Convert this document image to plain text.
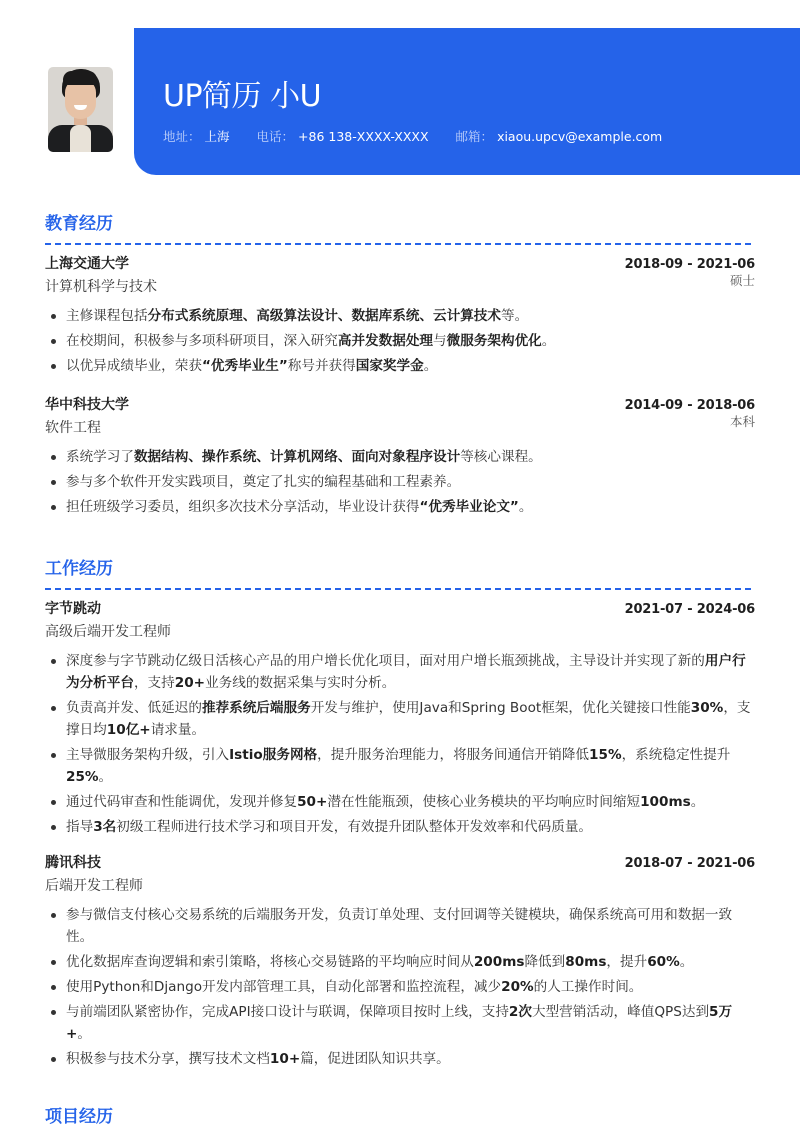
UP简历 小U
地址： 上海 电话： +86 138-XXXX-XXXX 邮箱： xiaou.upcv@example.com
教育经历
上海交通大学	2018-09 - 2021-06
计算机科学与技术	硕士
主修课程包括分布式系统原理、高级算法设计、数据库系统、云计算技术等。
在校期间，积极参与多项科研项目，深入研究高并发数据处理与微服务架构优化。
以优异成绩毕业，荣获“优秀毕业生”称号并获得国家奖学金。
华中科技大学	2014-09 - 2018-06
软件工程	本科
系统学习了数据结构、操作系统、计算机网络、面向对象程序设计等核心课程。
参与多个软件开发实践项目，奠定了扎实的编程基础和工程素养。
担任班级学习委员，组织多次技术分享活动，毕业设计获得“优秀毕业论文”。
工作经历
字节跳动	2021-07 - 2024-06
高级后端开发工程师
深度参与字节跳动亿级日活核心产品的用户增长优化项目，面对用户增长瓶颈挑战，主导设计并实现了新的用户行为分析平台，支持20+业务线的数据采集与实时分析。
负责高并发、低延迟的推荐系统后端服务开发与维护，使用Java和Spring Boot框架，优化关键接口性能30%，支撑日均10亿+请求量。
主导微服务架构升级，引入Istio服务网格，提升服务治理能力，将服务间通信开销降低15%，系统稳定性提升25%。
通过代码审查和性能调优，发现并修复50+潜在性能瓶颈，使核心业务模块的平均响应时间缩短100ms。
指导3名初级工程师进行技术学习和项目开发，有效提升团队整体开发效率和代码质量。
腾讯科技	2018-07 - 2021-06
后端开发工程师
参与微信支付核心交易系统的后端服务开发，负责订单处理、支付回调等关键模块，确保系统高可用和数据一致性。
优化数据库查询逻辑和索引策略，将核心交易链路的平均响应时间从200ms降低到80ms，提升60%。
使用Python和Django开发内部管理工具，自动化部署和监控流程，减少20%的人工操作时间。
与前端团队紧密协作，完成API接口设计与联调，保障项目按时上线，支持2次大型营销活动，峰值QPS达到5万+。
积极参与技术分享，撰写技术文档10+篇，促进团队知识共享。
项目经历
